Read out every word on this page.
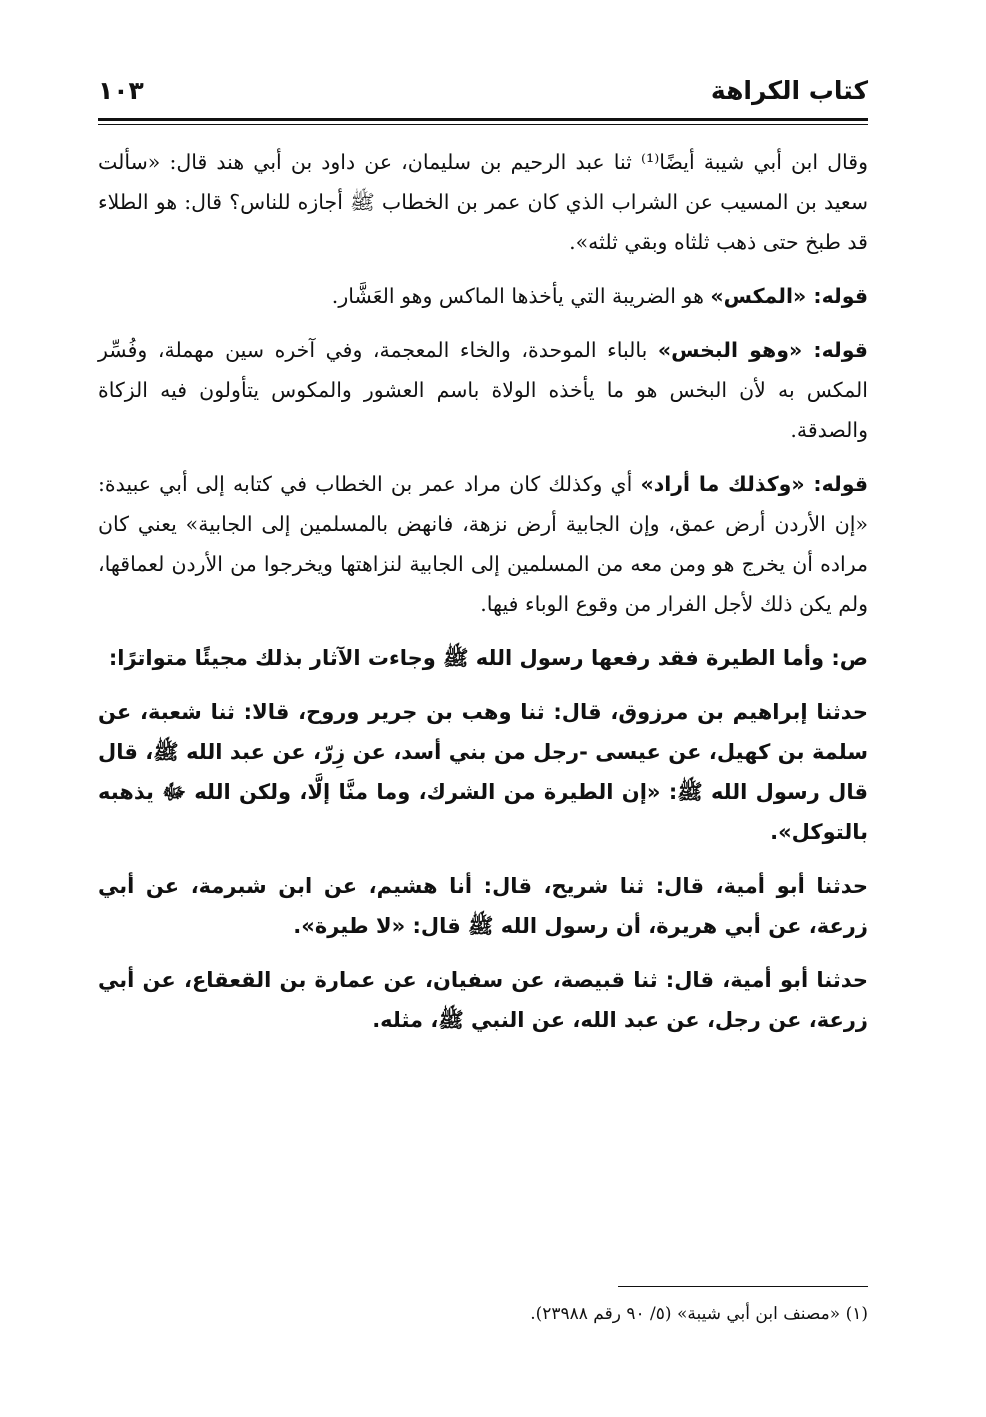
كتاب الكراهة
١٠٣

وقال ابن أبي شيبة أيضًا⁽¹⁾ ثنا عبد الرحيم بن سليمان، عن داود بن أبي هند قال: «سألت سعيد بن المسيب عن الشراب الذي كان عمر بن الخطاب ﷺ أجازه للناس؟ قال: هو الطلاء قد طبخ حتى ذهب ثلثاه وبقي ثلثه».

قوله: «المكس» هو الضريبة التي يأخذها الماكس وهو العَشَّار.

قوله: «وهو البخس» بالباء الموحدة، والخاء المعجمة، وفي آخره سين مهملة، وفُسِّر المكس به لأن البخس هو ما يأخذه الولاة باسم العشور والمكوس يتأولون فيه الزكاة والصدقة.

قوله: «وكذلك ما أراد» أي وكذلك كان مراد عمر بن الخطاب في كتابه إلى أبي عبيدة: «إن الأردن أرض عمق، وإن الجابية أرض نزهة، فانهض بالمسلمين إلى الجابية» يعني كان مراده أن يخرج هو ومن معه من المسلمين إلى الجابية لنزاهتها ويخرجوا من الأردن لعماقها، ولم يكن ذلك لأجل الفرار من وقوع الوباء فيها.

ص: وأما الطيرة فقد رفعها رسول الله ﷺ وجاءت الآثار بذلك مجيئًا متواترًا:

حدثنا إبراهيم بن مرزوق، قال: ثنا وهب بن جرير وروح، قالا: ثنا شعبة، عن سلمة بن كهيل، عن عيسى -رجل من بني أسد، عن زِرّ، عن عبد الله ﷺ، قال قال رسول الله ﷺ: «إن الطيرة من الشرك، وما منَّا إلَّا، ولكن الله ﷻ يذهبه بالتوكل».

حدثنا أبو أمية، قال: ثنا شريح، قال: أنا هشيم، عن ابن شبرمة، عن أبي زرعة، عن أبي هريرة، أن رسول الله ﷺ قال: «لا طيرة».

حدثنا أبو أمية، قال: ثنا قبيصة، عن سفيان، عن عمارة بن القعقاع، عن أبي زرعة، عن رجل، عن عبد الله، عن النبي ﷺ، مثله.

(١) «مصنف ابن أبي شيبة» (٥/ ٩٠ رقم ٢٣٩٨٨).
